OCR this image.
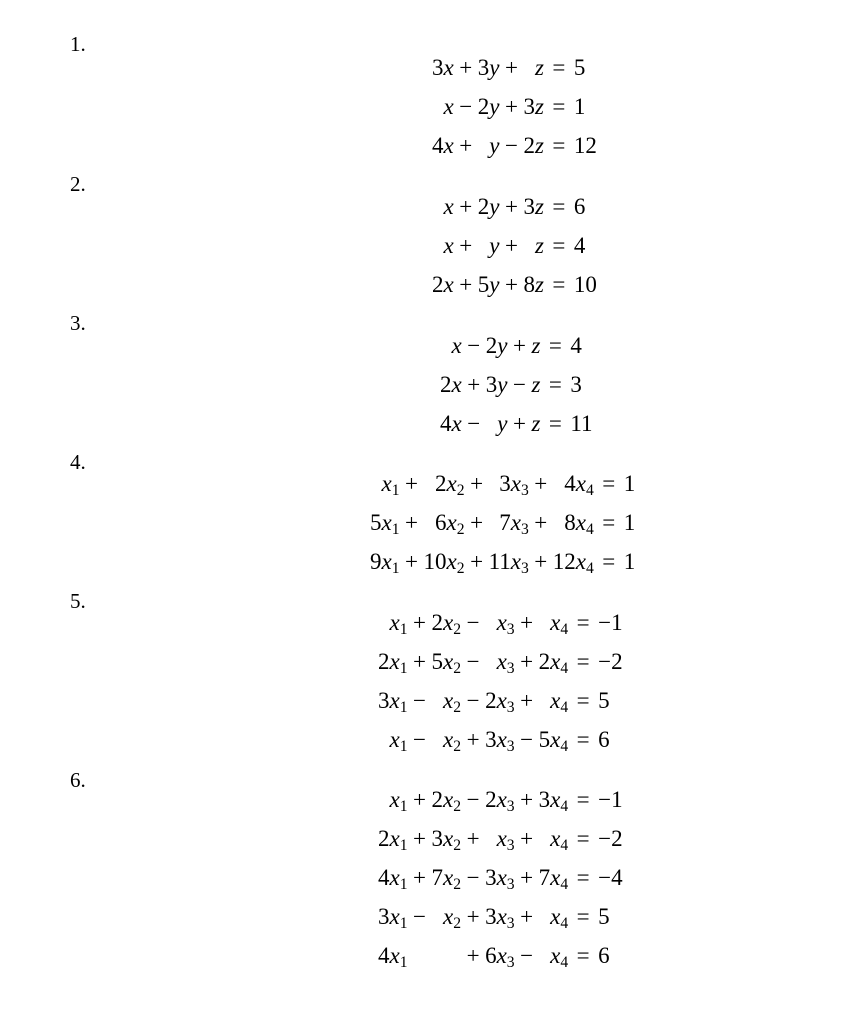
1.
3x	+	3y	+	z	=	5
x	−	2y	+	3z	=	1
4x	+	y	−	2z	=	12
2.
x	+	2y	+	3z	=	6
x	+	y	+	z	=	4
2x	+	5y	+	8z	=	10
3.
x	−	2y	+	z	=	4
2x	+	3y	−	z	=	3
4x	−	y	+	z	=	11
4.
$x_1$	+	$2x_2$	+	$3x_3$	+	$4x_4$	=	1
$5x_1$	+	$6x_2$	+	$7x_3$	+	$8x_4$	=	1
$9x_1$	+	$10x_2$	+	$11x_3$	+	$12x_4$	=	1
5.
$x_1$	+	$2x_2$	−	$x_3$	+	$x_4$	=	−1
$2x_1$	+	$5x_2$	−	$x_3$	+	$2x_4$	=	−2
$3x_1$	−	$x_2$	−	$2x_3$	+	$x_4$	=	5
$x_1$	−	$x_2$	+	$3x_3$	−	$5x_4$	=	6
6.
$x_1$	+	$2x_2$	−	$2x_3$	+	$3x_4$	=	−1
$2x_1$	+	$3x_2$	+	$x_3$	+	$x_4$	=	−2
$4x_1$	+	$7x_2$	−	$3x_3$	+	$7x_4$	=	−4
$3x_1$	−	$x_2$	+	$3x_3$	+	$x_4$	=	5
$4x_1$			+	$6x_3$	−	$x_4$	=	6
